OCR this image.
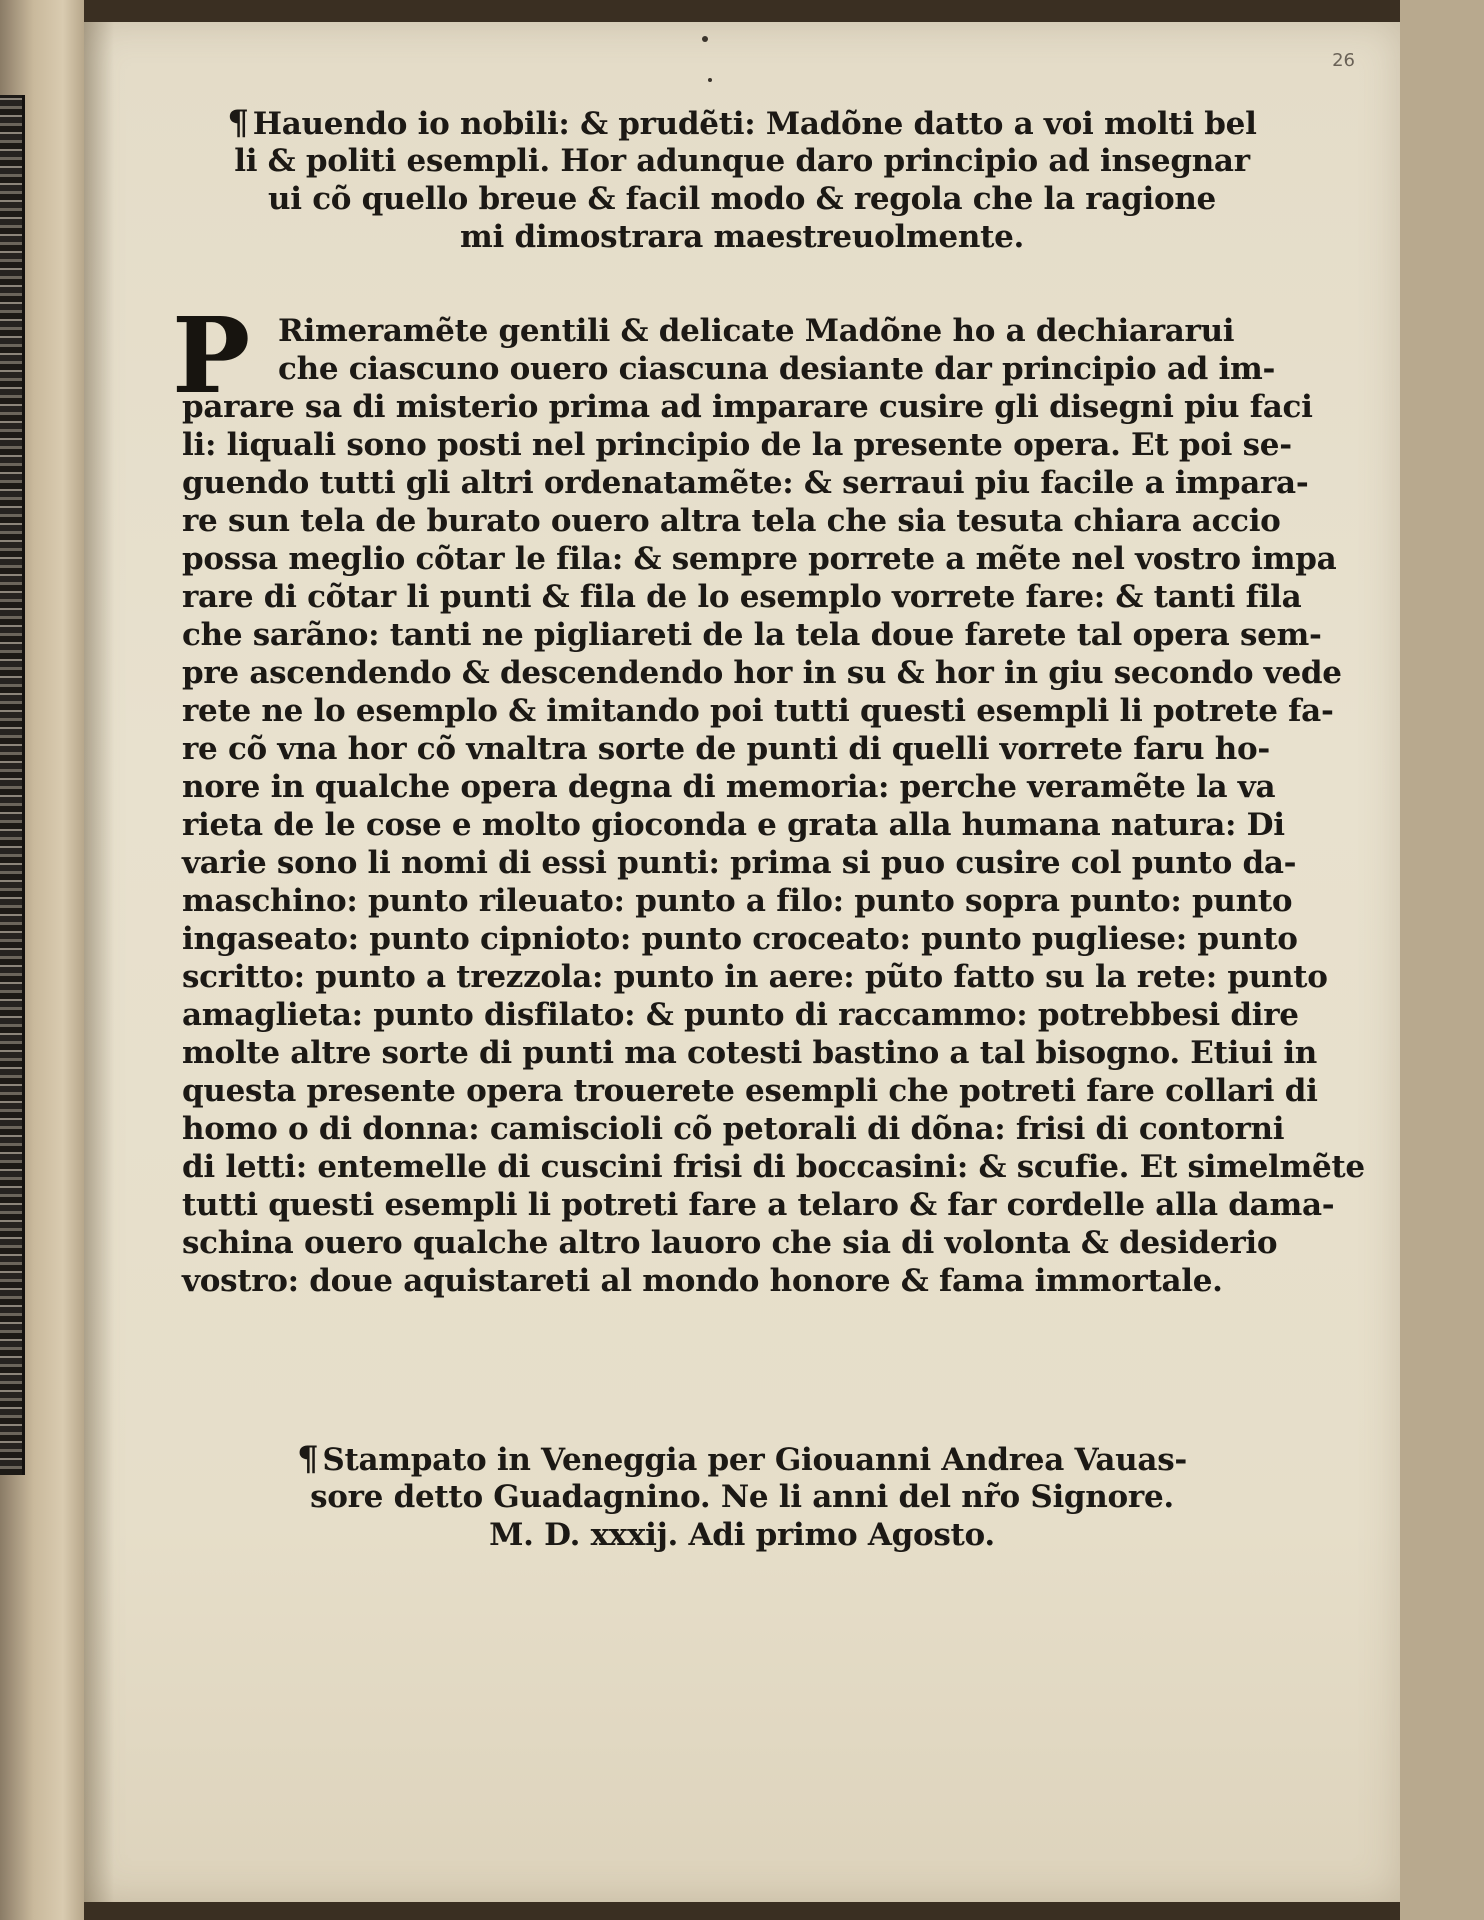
26
¶ Hauendo io nobili: & prudẽti: Madõne datto a voi molti bel
li & politi esempli. Hor adunque daro principio ad insegnar
ui cõ quello breue & facil modo & regola che la ragione
mi dimostrara maestreuolmente.
P Rimeramẽte gentili & delicate Madõne ho a dechiararui
che ciascuno ouero ciascuna desiante dar principio ad im-
parare sa di misterio prima ad imparare cusire gli disegni piu faci
li: liquali sono posti nel principio de la presente opera. Et poi se-
guendo tutti gli altri ordenatamẽte: & serraui piu facile a impara-
re sun tela de burato ouero altra tela che sia tesuta chiara accio
possa meglio cõtar le fila: & sempre porrete a mẽte nel vostro impa
rare di cõtar li punti & fila de lo esemplo vorrete fare: & tanti fila
che sarãno: tanti ne pigliareti de la tela doue farete tal opera sem-
pre ascendendo & descendendo hor in su & hor in giu secondo vede
rete ne lo esemplo & imitando poi tutti questi esempli li potrete fa-
re cõ vna hor cõ vnaltra sorte de punti di quelli vorrete faru ho-
nore in qualche opera degna di memoria: perche veramẽte la va
rieta de le cose e molto gioconda e grata alla humana natura: Di
varie sono li nomi di essi punti: prima si puo cusire col punto da-
maschino: punto rileuato: punto a filo: punto sopra punto: punto
ingaseato: punto cipnioto: punto croceato: punto pugliese: punto
scritto: punto a trezzola: punto in aere: pũto fatto su la rete: punto
amaglieta: punto disfilato: & punto di raccammo: potrebbesi dire
molte altre sorte di punti ma cotesti bastino a tal bisogno. Etiui in
questa presente opera trouerete esempli che potreti fare collari di
homo o di donna: camiscioli cõ petorali di dõna: frisi di contorni
di letti: entemelle di cuscini frisi di boccasini: & scufie. Et simelmẽte
tutti questi esempli li potreti fare a telaro & far cordelle alla dama-
schina ouero qualche altro lauoro che sia di volonta & desiderio
vostro: doue aquistareti al mondo honore & fama immortale.
¶ Stampato in Veneggia per Giouanni Andrea Vauas-
sore detto Guadagnino. Ne li anni del nr̃o Signore.
M. D. xxxij. Adi primo Agosto.
